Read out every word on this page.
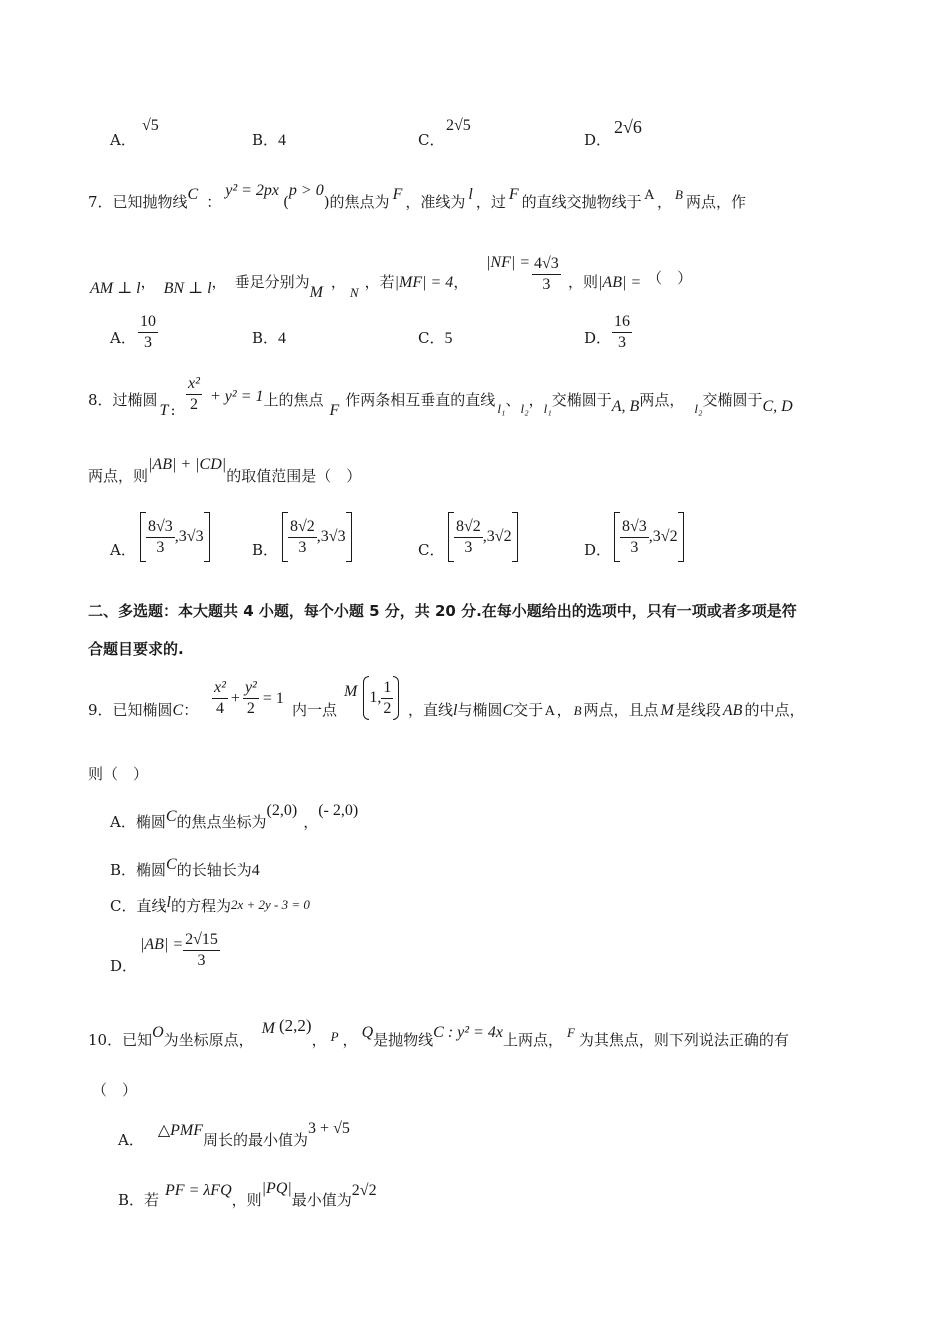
A．
√5
B．4	C．
2√5
D．
2√6
7．已知抛物线C ：y² = 2px(p > 0)的焦点为 F ，准线为 l ，过 F 的直线交抛物线于 A ， B 两点，作
AM ⊥ l， BN ⊥ l， 垂足分别为M，N，若|MF| = 4，
$|NF| = \frac{4√3}{3}$ ，则|AB| = （　）
A． $\frac{10}{3}$	B．4	C．5	D． $\frac{16}{3}$
8．过椭圆T : $\frac{\text{x²}}{2} + y^2 = 1$上的焦点F作两条相互垂直的直线 l₁、l₂，l₁交椭圆于A, B两点， l₂交椭圆于C, D
两点，则|AB| + |CD|的取值范围是（　）
A． $\frac{8√3}{3} ,3√3$
B． $\frac{8√2}{3} ,3√3$
C． $\frac{8√2}{3} ,3√2$
D． $\frac{8√3}{3} ,3√2$
二、多选题：本大题共 4 小题，每个小题 5 分，共 20 分.在每小题给出的选项中，只有一项或者多项是符
合题目要求的.
9．已知椭圆C： $\frac{\text{x²}}{4} + \frac{\text{y²}}{2} = 1$
内一点
M 1, $\frac{1}{2}$ ，直线l与椭圆C交于 A ， B 两点，且点 M 是线段 AB 的中点，
则（　）
A．椭圆C的焦点坐标为(2,0)，(- 2,0)
B．椭圆C的长轴长为4
C．直线l的方程为2x + 2y - 3 = 0
D．
$|AB| = \frac{2√15}{3}$
10．已知O为坐标原点，M (2,2)， P ， Q是抛物线C : y² = 4x上两点， F 为其焦点，则下列说法正确的有
（　）
A．△PMF周长的最小值为3 + √5
B．若PF = λFQ，则|PQ|最小值为2√2
